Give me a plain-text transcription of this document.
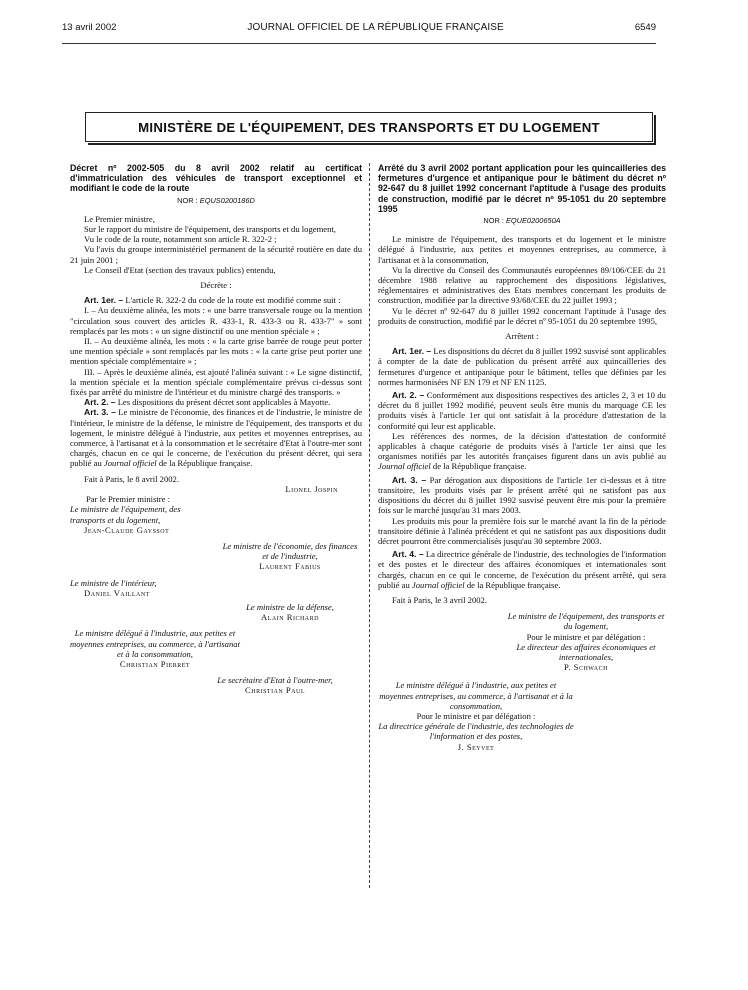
13 avril 2002	JOURNAL OFFICIEL DE LA RÉPUBLIQUE FRANÇAISE	6549
MINISTÈRE DE L'ÉQUIPEMENT, DES TRANSPORTS ET DU LOGEMENT
Décret nº 2002-505 du 8 avril 2002 relatif au certificat d'immatriculation des véhicules de transport exceptionnel et modifiant le code de la route
NOR : EQUS0200186D

Le Premier ministre,

Sur le rapport du ministre de l'équipement, des transports et du logement,

Vu le code de la route, notamment son article R. 322-2 ;

Vu l'avis du groupe interministériel permanent de la sécurité routière en date du 21 juin 2001 ;

Le Conseil d'Etat (section des travaux publics) entendu,

Décrète :

Art. 1er. – L'article R. 322-2 du code de la route est modifié comme suit :

I. – Au deuxième alinéa, les mots : « une barre transversale rouge ou la mention "circulation sous couvert des articles R. 433-1, R. 433-3 ou R. 433-7" » sont remplacés par les mots : « un signe distinctif ou une mention spéciale » ;

II. – Au deuxième alinéa, les mots : « la carte grise barrée de rouge peut porter une mention spéciale » sont remplacés par les mots : « la carte grise peut porter une mention spéciale complémentaire » ;

III. – Après le deuxième alinéa, est ajouté l'alinéa suivant : « Le signe distinctif, la mention spéciale et la mention spéciale complémentaire prévus ci-dessus sont fixés par arrêté du ministre de l'intérieur et du ministre chargé des transports. »

Art. 2. – Les dispositions du présent décret sont applicables à Mayotte.

Art. 3. – Le ministre de l'économie, des finances et de l'industrie, le ministre de l'intérieur, le ministre de la défense, le ministre de l'équipement, des transports et du logement, le ministre délégué à l'industrie, aux petites et moyennes entreprises, au commerce, à l'artisanat et à la consommation et le secrétaire d'Etat à l'outre-mer sont chargés, chacun en ce qui le concerne, de l'exécution du présent décret, qui sera publié au Journal officiel de la République française.

Fait à Paris, le 8 avril 2002.

Lionel Jospin

Par le Premier ministre :

Le ministre de l'équipement, des transports et du logement,
Jean-Claude Gayssot
Le ministre de l'économie, des finances et de l'industrie,
Laurent Fabius
Le ministre de l'intérieur,
Daniel Vaillant
Le ministre de la défense,
Alain Richard
Le ministre délégué à l'industrie, aux petites et moyennes entreprises, au commerce, à l'artisanat et à la consommation,
Christian Pierret
Le secrétaire d'Etat à l'outre-mer,
Christian Paul
Arrêté du 3 avril 2002 portant application pour les quincailleries des fermetures d'urgence et antipanique pour le bâtiment du décret nº 92-647 du 8 juillet 1992 concernant l'aptitude à l'usage des produits de construction, modifié par le décret nº 95-1051 du 20 septembre 1995
NOR : EQUE0200650A

Le ministre de l'équipement, des transports et du logement et le ministre délégué à l'industrie, aux petites et moyennes entreprises, au commerce, à l'artisanat et à la consommation,

Vu la directive du Conseil des Communautés européennes 89/106/CEE du 21 décembre 1988 relative au rapprochement des dispositions législatives, réglementaires et administratives des Etats membres concernant les produits de construction, modifiée par la directive 93/68/CEE du 22 juillet 1993 ;

Vu le décret nº 92-647 du 8 juillet 1992 concernant l'aptitude à l'usage des produits de construction, modifié par le décret nº 95-1051 du 20 septembre 1995,

Arrêtent :

Art. 1er. – Les dispositions du décret du 8 juillet 1992 susvisé sont applicables à compter de la date de publication du présent arrêté aux quincailleries des fermetures d'urgence et antipanique pour le bâtiment, telles que définies par les normes harmonisées NF EN 179 et NF EN 1125.

Art. 2. – Conformément aux dispositions respectives des articles 2, 3 et 10 du décret du 8 juillet 1992 modifié, peuvent seuls être munis du marquage CE les produits visés à l'article 1er qui ont satisfait à la procédure d'attestation de la conformité qui leur est applicable.

Les références des normes, de la décision d'attestation de conformité applicables à chaque catégorie de produits visés à l'article 1er ainsi que les organismes notifiés par les autorités françaises figurent dans un avis publié au Journal officiel de la République française.

Art. 3. – Par dérogation aux dispositions de l'article 1er ci-dessus et à titre transitoire, les produits visés par le présent arrêté qui ne satisfont pas aux dispositions du décret du 8 juillet 1992 susvisé peuvent être mis pour la première fois sur le marché jusqu'au 31 mars 2003.

Les produits mis pour la première fois sur le marché avant la fin de la période transitoire définie à l'alinéa précédent et qui ne satisfont pas aux dispositions dudit décret pourront être commercialisés jusqu'au 30 septembre 2003.

Art. 4. – La directrice générale de l'industrie, des technologies de l'information et des postes et le directeur des affaires économiques et internationales sont chargés, chacun en ce qui le concerne, de l'exécution du présent arrêté, qui sera publié au Journal officiel de la République française.

Fait à Paris, le 3 avril 2002.

Le ministre de l'équipement, des transports et du logement,
Pour le ministre et par délégation :
Le directeur des affaires économiques et internationales,
P. Schwach
Le ministre délégué à l'industrie, aux petites et moyennes entreprises, au commerce, à l'artisanat et à la consommation,
Pour le ministre et par délégation :
La directrice générale de l'industrie, des technologies de l'information et des postes,
J. Seyvet
